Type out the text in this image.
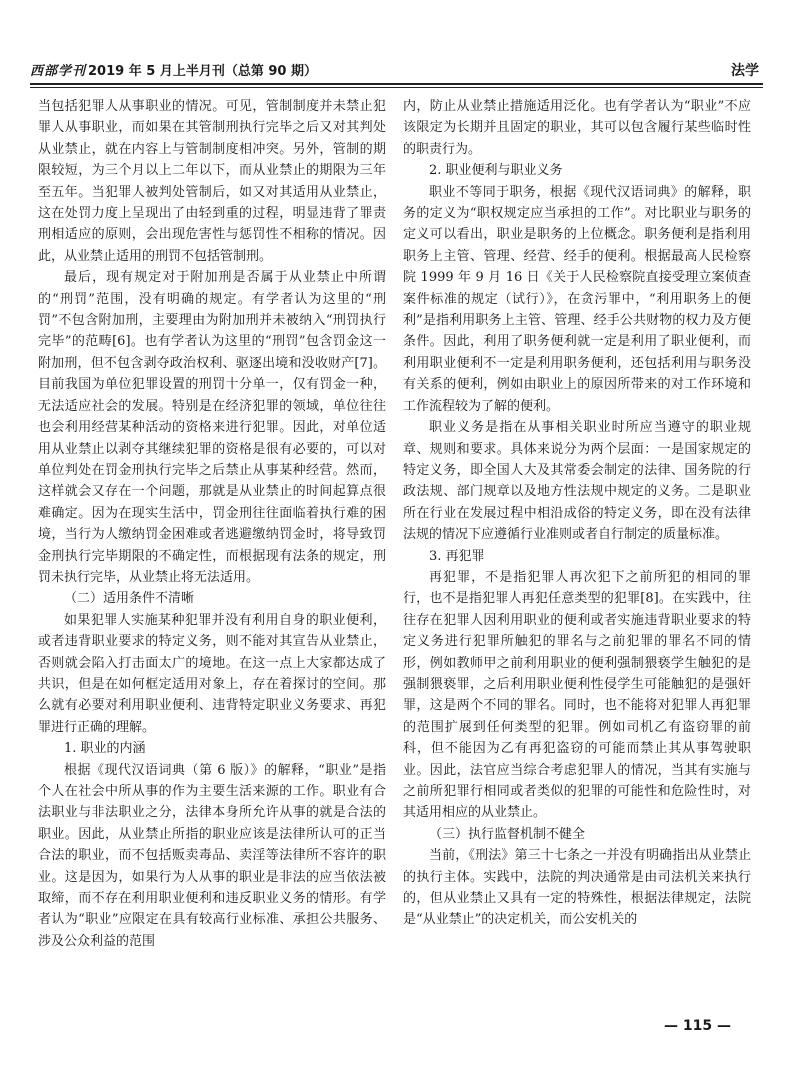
西部学刊 2019 年 5 月上半月刊（总第 90 期）	法学

当包括犯罪人从事职业的情况。可见，管制制度并未禁止犯罪人从事职业，而如果在其管制刑执行完毕之后又对其判处从业禁止，就在内容上与管制制度相冲突。另外，管制的期限较短，为三个月以上二年以下，而从业禁止的期限为三年至五年。当犯罪人被判处管制后，如又对其适用从业禁止，这在处罚力度上呈现出了由轻到重的过程，明显违背了罪责刑相适应的原则，会出现危害性与惩罚性不相称的情况。因此，从业禁止适用的刑罚不包括管制刑。

最后，现有规定对于附加刑是否属于从业禁止中所谓的“刑罚”范围，没有明确的规定。有学者认为这里的“刑罚”不包含附加刑，主要理由为附加刑并未被纳入“刑罚执行完毕”的范畴[6]。也有学者认为这里的“刑罚”包含罚金这一附加刑，但不包含剥夺政治权利、驱逐出境和没收财产[7]。目前我国为单位犯罪设置的刑罚十分单一，仅有罚金一种，无法适应社会的发展。特别是在经济犯罪的领域，单位往往也会利用经营某种活动的资格来进行犯罪。因此，对单位适用从业禁止以剥夺其继续犯罪的资格是很有必要的，可以对单位判处在罚金刑执行完毕之后禁止从事某种经营。然而，这样就会又存在一个问题，那就是从业禁止的时间起算点很难确定。因为在现实生活中，罚金刑往往面临着执行难的困境，当行为人缴纳罚金困难或者逃避缴纳罚金时，将导致罚金刑执行完毕期限的不确定性，而根据现有法条的规定，刑罚未执行完毕，从业禁止将无法适用。

（二）适用条件不清晰

如果犯罪人实施某种犯罪并没有利用自身的职业便利，或者违背职业要求的特定义务，则不能对其宣告从业禁止，否则就会陷入打击面太广的境地。在这一点上大家都达成了共识，但是在如何框定适用对象上，存在着探讨的空间。那么就有必要对利用职业便利、违背特定职业义务要求、再犯罪进行正确的理解。

1. 职业的内涵

根据《现代汉语词典（第 6 版）》的解释，“职业”是指个人在社会中所从事的作为主要生活来源的工作。职业有合法职业与非法职业之分，法律本身所允许从事的就是合法的职业。因此，从业禁止所指的职业应该是法律所认可的正当合法的职业，而不包括贩卖毒品、卖淫等法律所不容许的职业。这是因为，如果行为人从事的职业是非法的应当依法被取缔，而不存在利用职业便利和违反职业义务的情形。有学者认为“职业”应限定在具有较高行业标准、承担公共服务、涉及公众利益的范围

内，防止从业禁止措施适用泛化。也有学者认为“职业”不应该限定为长期并且固定的职业，其可以包含履行某些临时性的职责行为。

2. 职业便利与职业义务

职业不等同于职务，根据《现代汉语词典》的解释，职务的定义为“职权规定应当承担的工作”。对比职业与职务的定义可以看出，职业是职务的上位概念。职务便利是指利用职务上主管、管理、经营、经手的便利。根据最高人民检察院 1999 年 9 月 16 日《关于人民检察院直接受理立案侦查案件标准的规定（试行）》，在贪污罪中，“利用职务上的便利”是指利用职务上主管、管理、经手公共财物的权力及方便条件。因此，利用了职务便利就一定是利用了职业便利，而利用职业便利不一定是利用职务便利，还包括利用与职务没有关系的便利，例如由职业上的原因所带来的对工作环境和工作流程较为了解的便利。

职业义务是指在从事相关职业时所应当遵守的职业规章、规则和要求。具体来说分为两个层面：一是国家规定的特定义务，即全国人大及其常委会制定的法律、国务院的行政法规、部门规章以及地方性法规中规定的义务。二是职业所在行业在发展过程中相沿成俗的特定义务，即在没有法律法规的情况下应遵循行业准则或者自行制定的质量标准。

3. 再犯罪

再犯罪，不是指犯罪人再次犯下之前所犯的相同的罪行，也不是指犯罪人再犯任意类型的犯罪[8]。在实践中，往往存在犯罪人因利用职业的便利或者实施违背职业要求的特定义务进行犯罪所触犯的罪名与之前犯罪的罪名不同的情形，例如教师甲之前利用职业的便利强制猥亵学生触犯的是强制猥亵罪，之后利用职业便利性侵学生可能触犯的是强奸罪，这是两个不同的罪名。同时，也不能将对犯罪人再犯罪的范围扩展到任何类型的犯罪。例如司机乙有盗窃罪的前科，但不能因为乙有再犯盗窃的可能而禁止其从事驾驶职业。因此，法官应当综合考虑犯罪人的情况，当其有实施与之前所犯罪行相同或者类似的犯罪的可能性和危险性时，对其适用相应的从业禁止。

（三）执行监督机制不健全

当前，《刑法》第三十七条之一并没有明确指出从业禁止的执行主体。实践中，法院的判决通常是由司法机关来执行的，但从业禁止又具有一定的特殊性，根据法律规定，法院是“从业禁止”的决定机关，而公安机关的

— 115 —
